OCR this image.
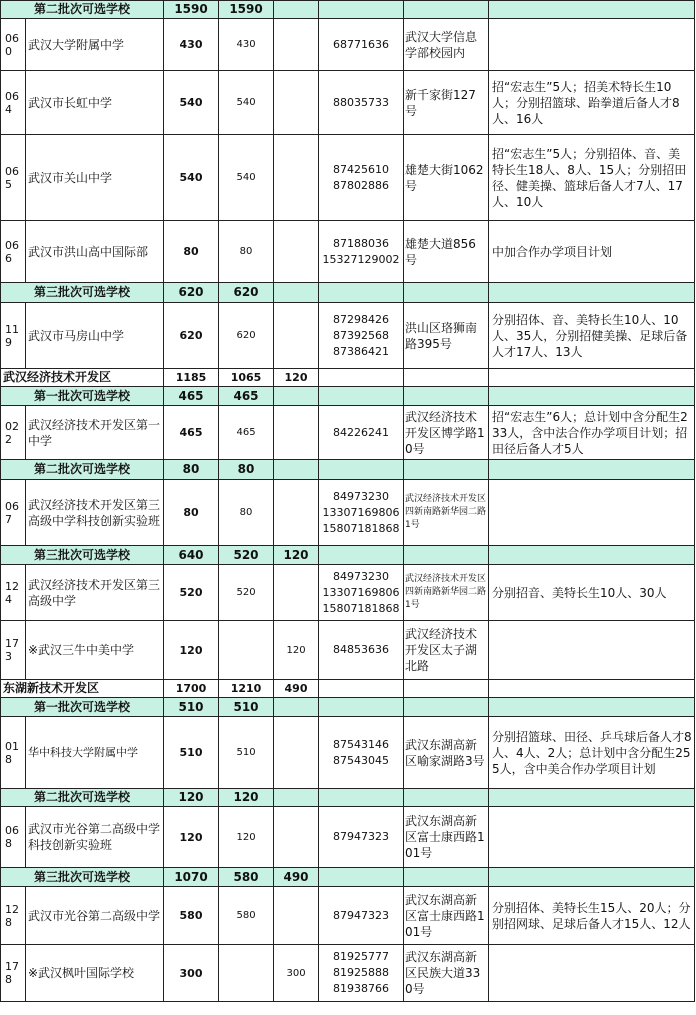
第二批次可选学校		1590	1590				
060	武汉大学附属中学	430	430		68771636	武汉大学信息学部校园内	
064	武汉市长虹中学	540	540		88035733	新千家街127号	招“宏志生”5人；招美术特长生10人；分别招篮球、跆拳道后备人才8人、16人
065	武汉市关山中学	540	540		87425610
87802886	雄楚大街1062号	招“宏志生”5人；分别招体、音、美特长生18人、8人、15人；分别招田径、健美操、篮球后备人才7人、17人、10人
066	武汉市洪山高中国际部	80	80		87188036
15327129002	雄楚大道856号	中加合作办学项目计划
第三批次可选学校		620	620				
119	武汉市马房山中学	620	620		87298426
87392568
87386421	洪山区珞狮南路395号	分别招体、音、美特长生10人、10人、35人，分别招健美操、足球后备人才17人、13人
武汉经济技术开发区		1185	1065	120			
第一批次可选学校		465	465				
022	武汉经济技术开发区第一中学	465	465		84226241	武汉经济技术开发区博学路10号	招“宏志生”6人；总计划中含分配生233人，含中法合作办学项目计划；招田径后备人才5人
第二批次可选学校		80	80				
067	武汉经济技术开发区第三高级中学科技创新实验班	80	80		84973230
13307169806
15807181868	武汉经济技术开发区四新南路新华园二路1号	
第三批次可选学校		640	520	120			
124	武汉经济技术开发区第三高级中学	520	520		84973230
13307169806
15807181868	武汉经济技术开发区四新南路新华园二路1号	分别招音、美特长生10人、30人
173	※武汉三牛中美中学	120		120	84853636	武汉经济技术开发区太子湖北路	
东湖新技术开发区		1700	1210	490			
第一批次可选学校		510	510				
018	华中科技大学附属中学	510	510		87543146
87543045	武汉东湖高新区喻家湖路3号	分别招篮球、田径、乒乓球后备人才8人、4人、2人；总计划中含分配生255人，含中美合作办学项目计划
第二批次可选学校		120	120				
068	武汉市光谷第二高级中学科技创新实验班	120	120		87947323	武汉东湖高新区富士康西路101号	
第三批次可选学校		1070	580	490			
128	武汉市光谷第二高级中学	580	580		87947323	武汉东湖高新区富士康西路101号	分别招体、美特长生15人、20人；分别招网球、足球后备人才15人、12人
178	※武汉枫叶国际学校	300		300	81925777
81925888
81938766	武汉东湖高新区民族大道330号	
